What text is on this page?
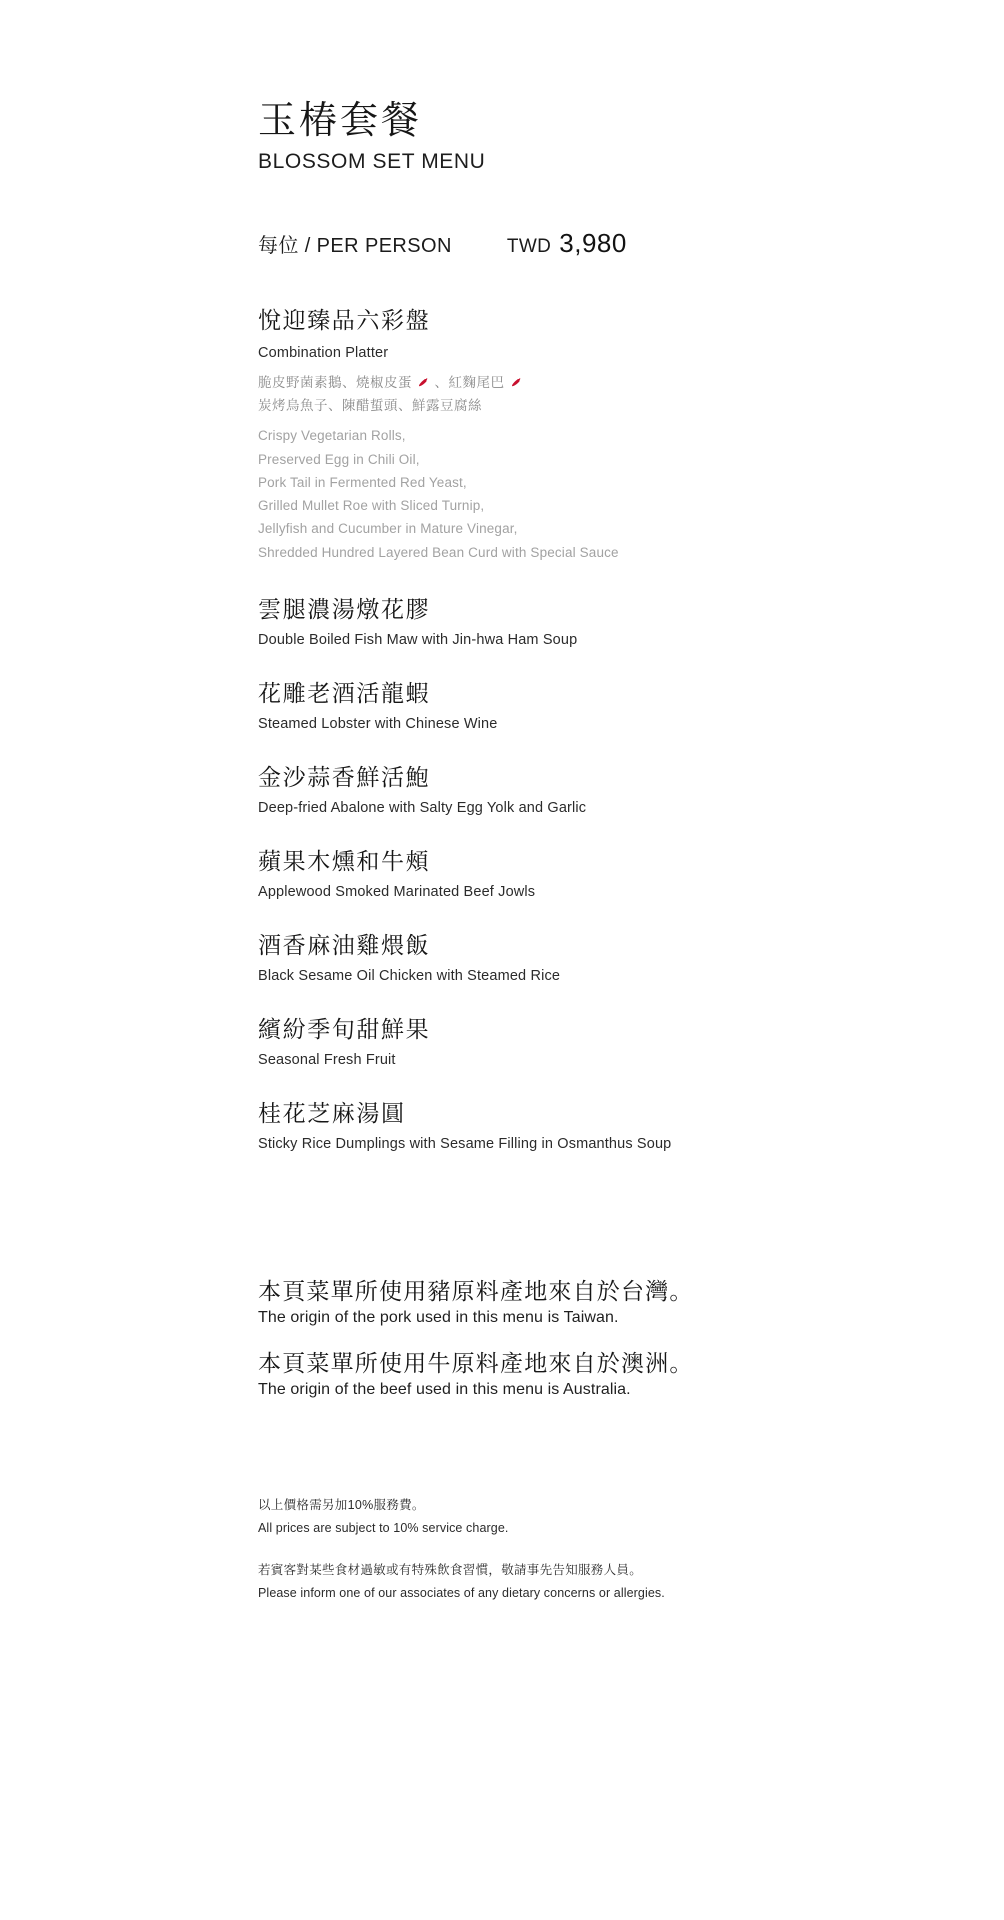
玉椿套餐
BLOSSOM SET MENU
每位 / PER PERSON	TWD 3,980
悅迎臻品六彩盤
Combination Platter
脆皮野菌素鵝、燒椒皮蛋  、紅麴尾巴
炭烤烏魚子、陳醋蜇頭、鮮露豆腐絲
Crispy Vegetarian Rolls,
Preserved Egg in Chili Oil,
Pork Tail in Fermented Red Yeast,
Grilled Mullet Roe with Sliced Turnip,
Jellyfish and Cucumber in Mature Vinegar,
Shredded Hundred Layered Bean Curd with Special Sauce
雲腿濃湯燉花膠
Double Boiled Fish Maw with Jin-hwa Ham Soup
花雕老酒活龍蝦
Steamed Lobster with Chinese Wine
金沙蒜香鮮活鮑
Deep-fried Abalone with Salty Egg Yolk and Garlic
蘋果木燻和牛頰
Applewood Smoked Marinated Beef Jowls
酒香麻油雞煨飯
Black Sesame Oil Chicken with Steamed Rice
繽紛季旬甜鮮果
Seasonal Fresh Fruit
桂花芝麻湯圓
Sticky Rice Dumplings with Sesame Filling in Osmanthus Soup
本頁菜單所使用豬原料產地來自於台灣。
The origin of the pork used in this menu is Taiwan.
本頁菜單所使用牛原料產地來自於澳洲。
The origin of the beef used in this menu is Australia.
以上價格需另加10%服務費。
All prices are subject to 10% service charge.
若賓客對某些食材過敏或有特殊飲食習慣，敬請事先告知服務人員。
Please inform one of our associates of any dietary concerns or allergies.
